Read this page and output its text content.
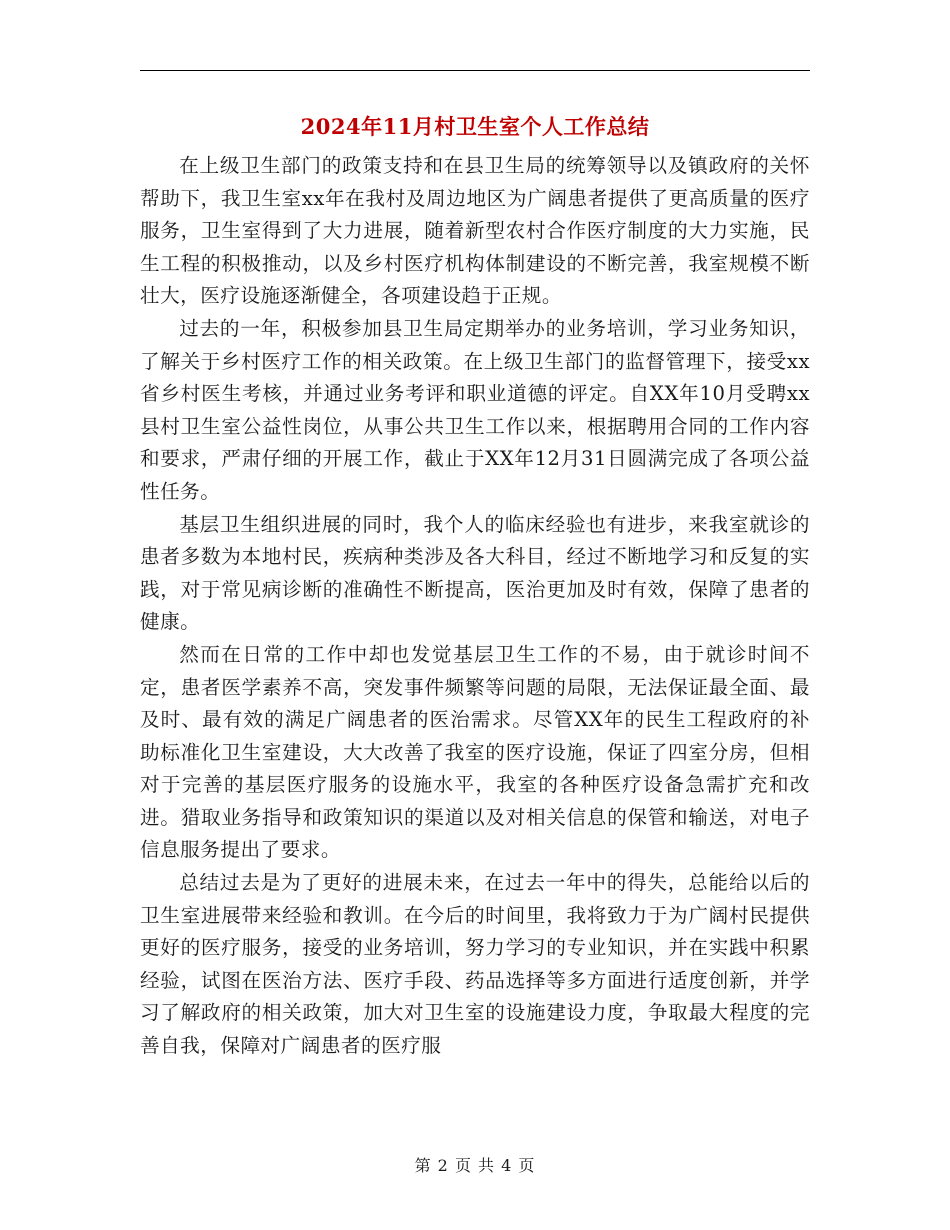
2024年11月村卫生室个人工作总结

在上级卫生部门的政策支持和在县卫生局的统筹领导以及镇政府的关怀帮助下，我卫生室xx年在我村及周边地区为广阔患者提供了更高质量的医疗服务，卫生室得到了大力进展，随着新型农村合作医疗制度的大力实施，民生工程的积极推动，以及乡村医疗机构体制建设的不断完善，我室规模不断壮大，医疗设施逐渐健全，各项建设趋于正规。

过去的一年，积极参加县卫生局定期举办的业务培训，学习业务知识，了解关于乡村医疗工作的相关政策。在上级卫生部门的监督管理下，接受xx省乡村医生考核，并通过业务考评和职业道德的评定。自XX年10月受聘xx县村卫生室公益性岗位，从事公共卫生工作以来，根据聘用合同的工作内容和要求，严肃仔细的开展工作，截止于XX年12月31日圆满完成了各项公益性任务。

基层卫生组织进展的同时，我个人的临床经验也有进步，来我室就诊的患者多数为本地村民，疾病种类涉及各大科目，经过不断地学习和反复的实践，对于常见病诊断的准确性不断提高，医治更加及时有效，保障了患者的健康。

然而在日常的工作中却也发觉基层卫生工作的不易，由于就诊时间不定，患者医学素养不高，突发事件频繁等问题的局限，无法保证最全面、最及时、最有效的满足广阔患者的医治需求。尽管XX年的民生工程政府的补助标准化卫生室建设，大大改善了我室的医疗设施，保证了四室分房，但相对于完善的基层医疗服务的设施水平，我室的各种医疗设备急需扩充和改进。猎取业务指导和政策知识的渠道以及对相关信息的保管和输送，对电子信息服务提出了要求。

总结过去是为了更好的进展未来，在过去一年中的得失，总能给以后的卫生室进展带来经验和教训。在今后的时间里，我将致力于为广阔村民提供更好的医疗服务，接受的业务培训，努力学习的专业知识，并在实践中积累经验，试图在医治方法、医疗手段、药品选择等多方面进行适度创新，并学习了解政府的相关政策，加大对卫生室的设施建设力度，争取最大程度的完善自我，保障对广阔患者的医疗服

第 2 页 共 4 页
